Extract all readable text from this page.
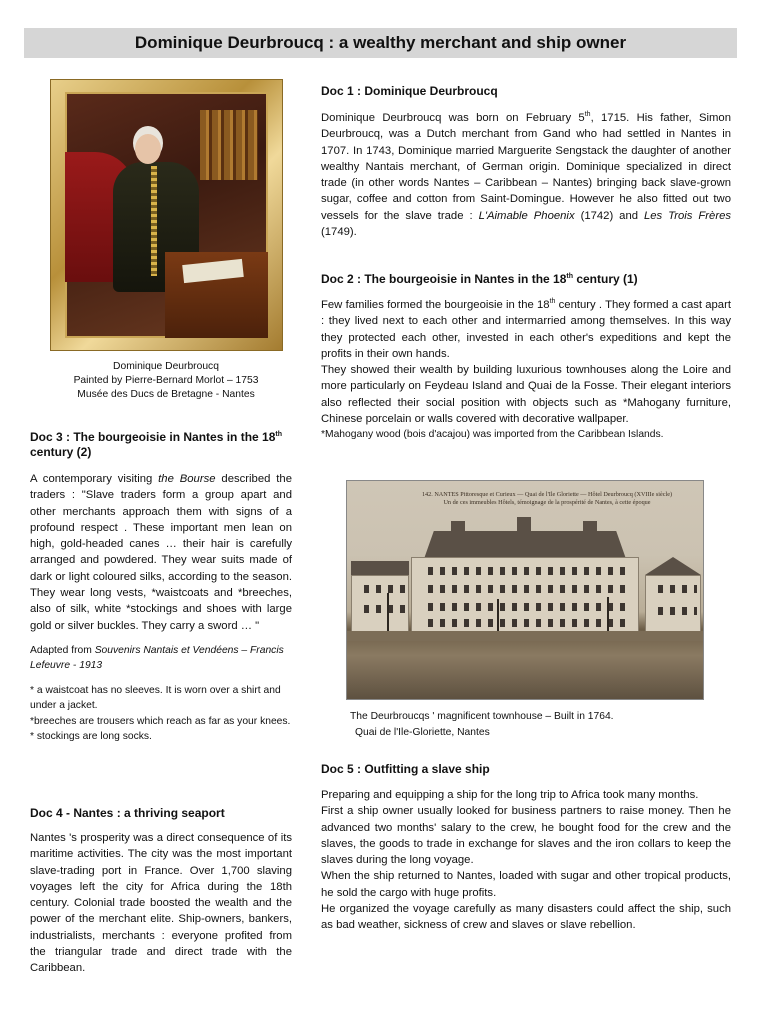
Dominique Deurbroucq : a wealthy merchant and ship owner
Dominique Deurbroucq
Painted by Pierre-Bernard Morlot – 1753
Musée des Ducs de Bretagne - Nantes
Doc 3 : The bourgeoisie in Nantes in the 18th century (2)

A contemporary visiting the Bourse described the traders : "Slave traders form a group apart and other merchants approach them with signs of a profound respect . These important men lean on high, gold-headed canes … their hair is carefully arranged and powdered. They wear suits made of dark or light coloured silks, according to the season. They wear long vests, *waistcoats and *breeches, also of silk, white *stockings and shoes with large gold or silver buckles. They carry a sword … "

Adapted from Souvenirs Nantais et Vendéens – Francis Lefeuvre - 1913

* a waistcoat has no sleeves. It is worn over a shirt and under a jacket.

*breeches are trousers which reach as far as your knees.

* stockings are long socks.

Doc 4 - Nantes : a thriving seaport

Nantes 's prosperity was a direct consequence of its maritime activities. The city was the most important slave-trading port in France. Over 1,700 slaving voyages left the city for Africa during the 18th century. Colonial trade boosted the wealth and the power of the merchant elite. Ship-owners, bankers, industrialists, merchants : everyone profited from the triangular trade and direct trade with the Caribbean.

Doc 1 : Dominique Deurbroucq

Dominique Deurbroucq was born on February 5th, 1715. His father, Simon Deurbroucq, was a Dutch merchant from Gand who had settled in Nantes in 1707. In 1743, Dominique married Marguerite Sengstack the daughter of another wealthy Nantais merchant, of German origin. Dominique specialized in direct trade (in other words Nantes – Caribbean – Nantes) bringing back slave-grown sugar, coffee and cotton from Saint-Domingue. However he also fitted out two vessels for the slave trade : L'Aimable Phoenix (1742) and Les Trois Frères (1749).

Doc 2 : The bourgeoisie in Nantes in the 18th century (1)

Few families formed the bourgeoisie in the 18th century . They formed a cast apart : they lived next to each other and intermarried among themselves. In this way they protected each other, invested in each other's expeditions and kept the profits in their own hands.

They showed their wealth by building luxurious townhouses along the Loire and more particularly on Feydeau Island and Quai de la Fosse. Their elegant interiors also reflected their social position with objects such as *Mahogany furniture, Chinese porcelain or walls covered with decorative wallpaper.

*Mahogany wood (bois d'acajou) was imported from the Caribbean Islands.

142. NANTES Pittoresque et Curieux — Quai de l'Ile Gloriette — Hôtel Deurbroucq (XVIIIe siècle)
Un de ces immeubles Hôtels, témoignage de la prospérité de Nantes, à cette époque
The Deurbroucqs ' magnificent townhouse – Built in 1764.
Quai de l'Ile-Gloriette, Nantes
Doc 5 : Outfitting a slave ship

Preparing and equipping a ship for the long trip to Africa took many months.

First a ship owner usually looked for business partners to raise money. Then he advanced two months' salary to the crew, he bought food for the crew and the slaves, the goods to trade in exchange for slaves and the iron collars to keep the slaves during the long voyage.

When the ship returned to Nantes, loaded with sugar and other tropical products, he sold the cargo with huge profits.

He organized the voyage carefully as many disasters could affect the ship, such as bad weather, sickness of crew and slaves or slave rebellion.
